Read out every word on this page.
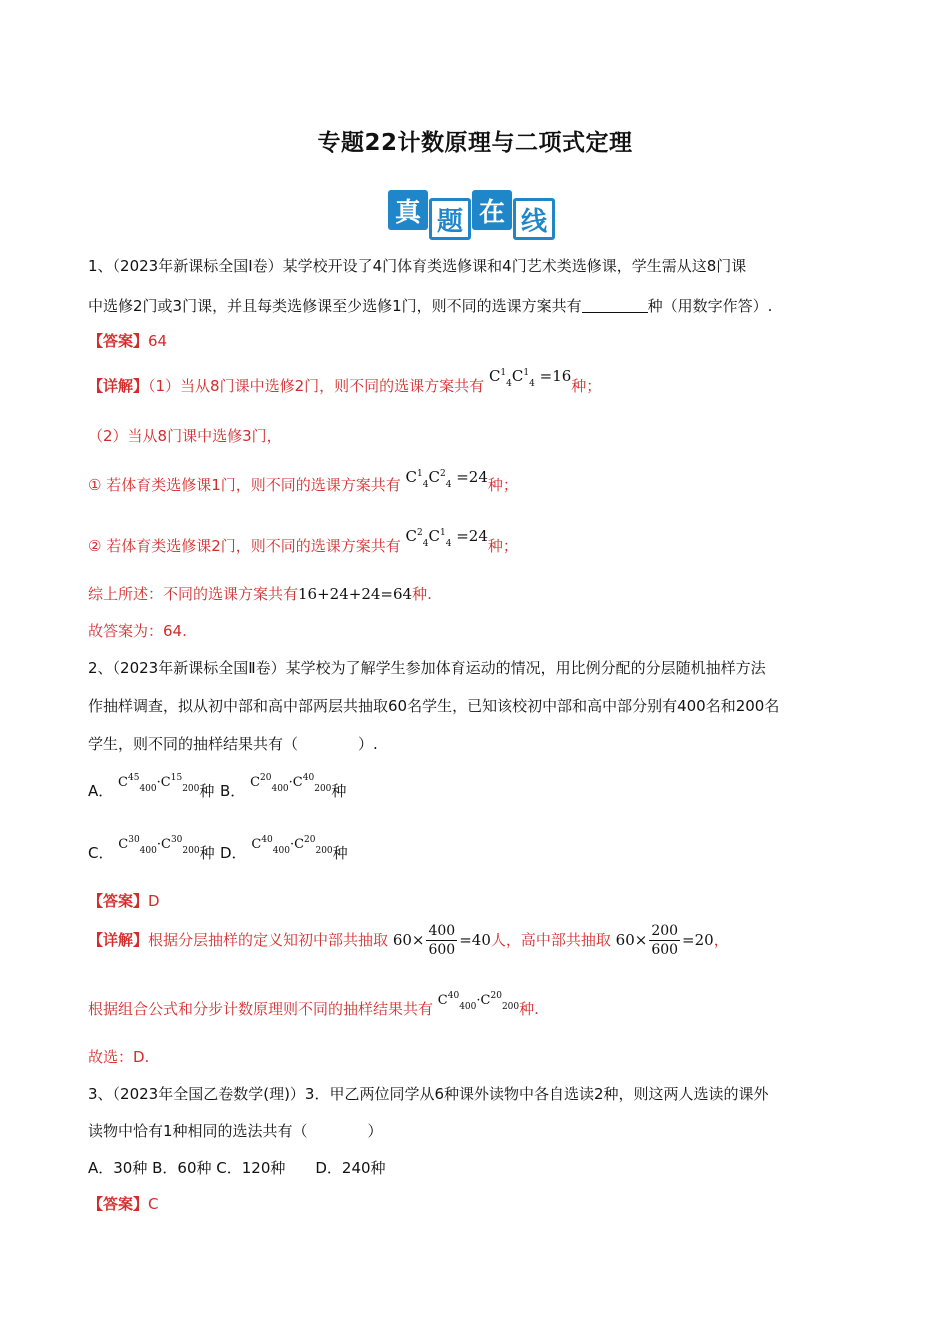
专题22计数原理与二项式定理
真 题 在 线
1、（2023年新课标全国Ⅰ卷）某学校开设了4门体育类选修课和4门艺术类选修课，学生需从这8门课
中选修2门或3门课，并且每类选修课至少选修1门，则不同的选课方案共有	种（用数字作答）.
【答案】64
【详解】（1）当从8门课中选修2门，则不同的选课方案共有 $C^1_4C^1_4 =16$种；
（2）当从8门课中选修3门，
① 若体育类选修课1门，则不同的选课方案共有 $C^1_4C^2_4 =24$种；
② 若体育类选修课2门，则不同的选课方案共有 $C^2_4C^1_4 =24$种；
综上所述：不同的选课方案共有16+24+24=64种.
故答案为：64.
2、（2023年新课标全国Ⅱ卷）某学校为了解学生参加体育运动的情况，用比例分配的分层随机抽样方法
作抽样调查，拟从初中部和高中部两层共抽取60名学生，已知该校初中部和高中部分别有400名和200名
学生，则不同的抽样结果共有（　　　　）.
A． $C^{45}_{400}\cdot C^{15}_{200}$种 B． $C^{20}_{400}\cdot C^{40}_{200}$种
C． $C^{30}_{400}\cdot C^{30}_{200}$种 D． $C^{40}_{400}\cdot C^{20}_{200}$种
【答案】D
【详解】根据分层抽样的定义知初中部共抽取 $60\times \frac{400}{600} =40$人，高中部共抽取 $60\times \frac{200}{600} =20$，
根据组合公式和分步计数原理则不同的抽样结果共有 $C^{40}_{400}\cdot C^{20}_{200}$种.
故选：D.
3、（2023年全国乙卷数学(理)）3．甲乙两位同学从6种课外读物中各自选读2种，则这两人选读的课外
读物中恰有1种相同的选法共有（　　　　）
A．30种 B．60种 C．120种　　D．240种
【答案】C
